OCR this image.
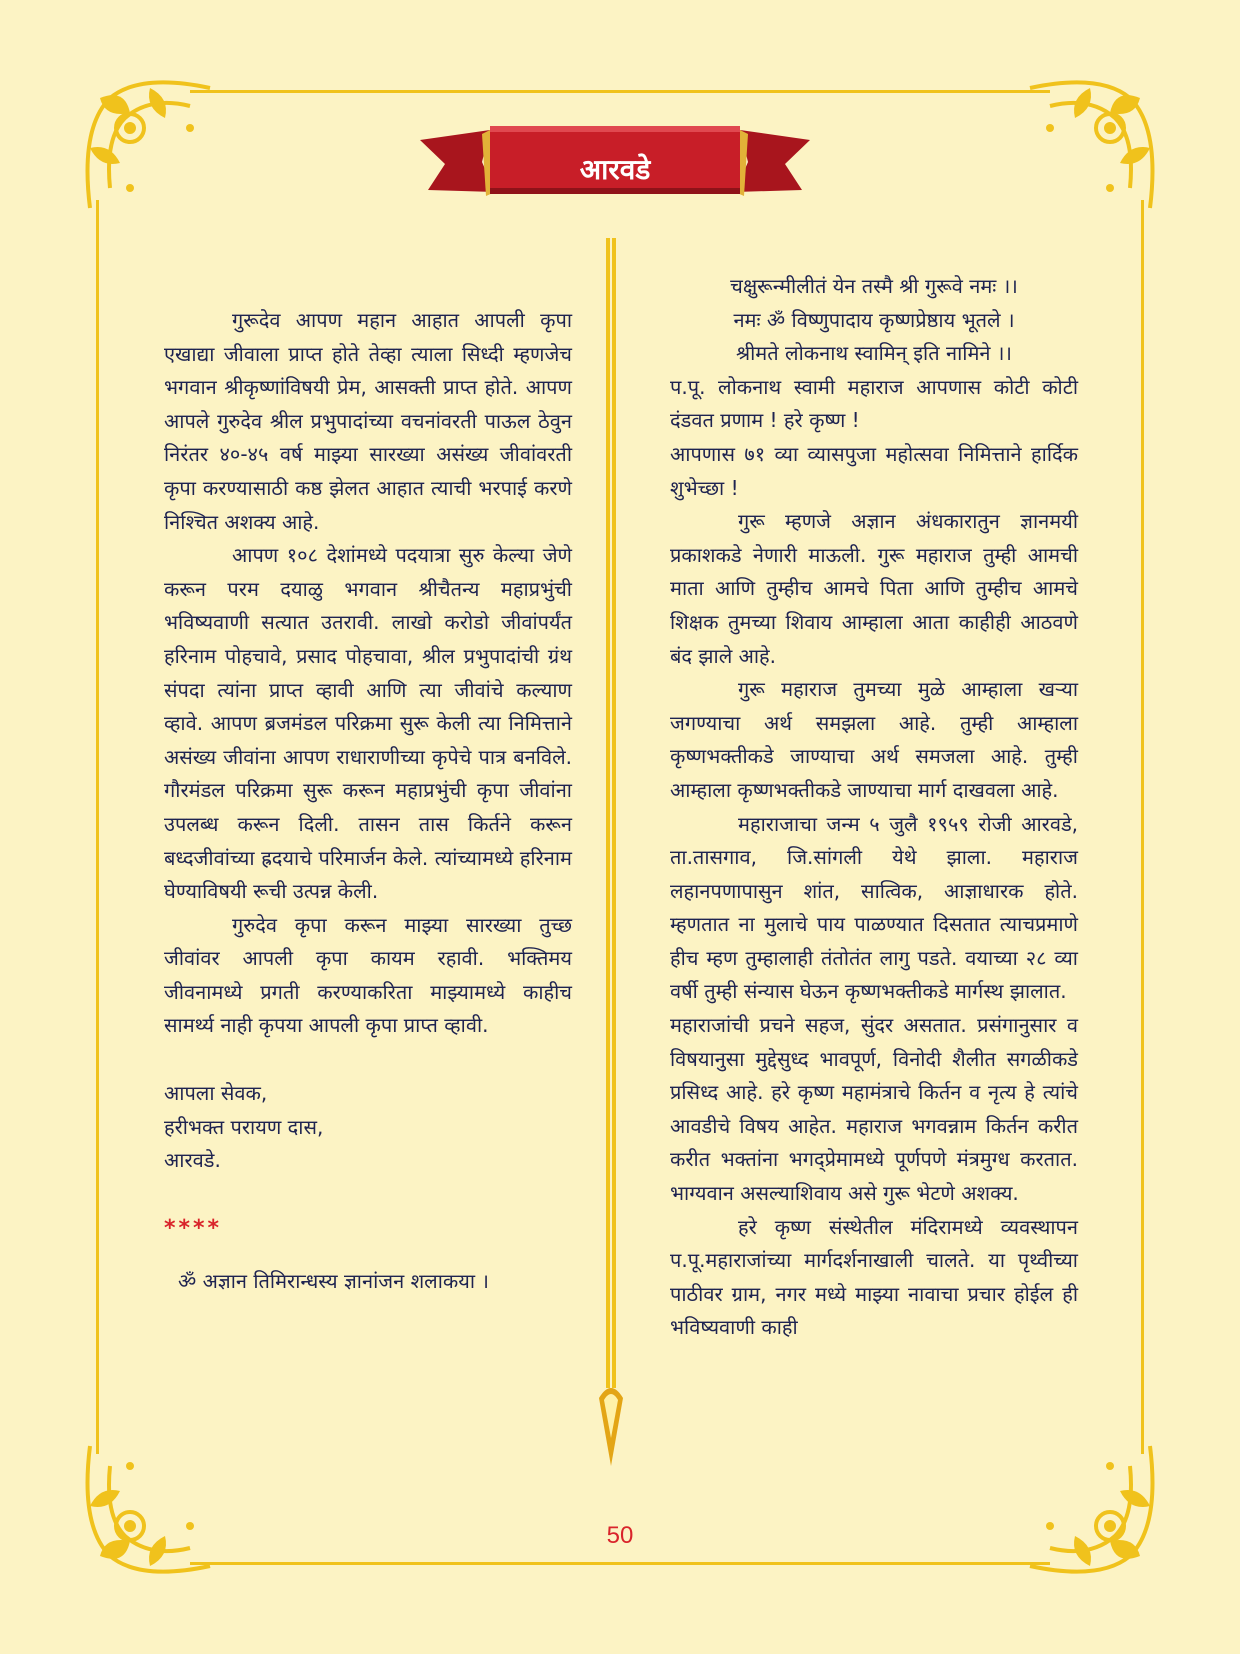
आरवडे

गुरूदेव आपण महान आहात आपली कृपा एखाद्या जीवाला प्राप्त होते तेव्हा त्याला सिध्दी म्हणजेच भगवान श्रीकृष्णांविषयी प्रेम, आसक्ती प्राप्त होते. आपण आपले गुरुदेव श्रील प्रभुपादांच्या वचनांवरती पाऊल ठेवुन निरंतर ४०-४५ वर्ष माझ्या सारख्या असंख्य जीवांवरती कृपा करण्यासाठी कष्ठ झेलत आहात त्याची भरपाई करणे निश्चित अशक्य आहे.

आपण १०८ देशांमध्ये पदयात्रा सुरु केल्या जेणे करून परम दयाळु भगवान श्रीचैतन्य महाप्रभुंची भविष्यवाणी सत्यात उतरावी. लाखो करोडो जीवांपर्यंत हरिनाम पोहचावे, प्रसाद पोहचावा, श्रील प्रभुपादांची ग्रंथ संपदा त्यांना प्राप्त व्हावी आणि त्या जीवांचे कल्याण व्हावे. आपण ब्रजमंडल परिक्रमा सुरू केली त्या निमित्ताने असंख्य जीवांना आपण राधाराणीच्या कृपेचे पात्र बनविले. गौरमंडल परिक्रमा सुरू करून महाप्रभुंची कृपा जीवांना उपलब्ध करून दिली. तासन तास किर्तने करून बध्दजीवांच्या ह्रदयाचे परिमार्जन केले. त्यांच्यामध्ये हरिनाम घेण्याविषयी रूची उत्पन्न केली.

गुरुदेव कृपा करून माझ्या सारख्या तुच्छ जीवांवर आपली कृपा कायम रहावी. भक्तिमय जीवनामध्ये प्रगती करण्याकरिता माझ्यामध्ये काहीच सामर्थ्य नाही कृपया आपली कृपा प्राप्त व्हावी.

आपला सेवक,

हरीभक्त परायण दास,

आरवडे.

****

ॐ अज्ञान तिमिरान्धस्य ज्ञानांजन शलाकया ।

चक्षुरून्मीलीतं येन तस्मै श्री गुरूवे नमः ।।

नमः ॐ विष्णुपादाय कृष्णप्रेष्ठाय भूतले ।

श्रीमते लोकनाथ स्वामिन् इति नामिने ।।

प.पू. लोकनाथ स्वामी महाराज आपणास कोटी कोटी दंडवत प्रणाम ! हरे कृष्ण !

आपणास ७१ व्या व्यासपुजा महोत्सवा निमित्ताने हार्दिक शुभेच्छा !

गुरू म्हणजे अज्ञान अंधकारातुन ज्ञानमयी प्रकाशकडे नेणारी माऊली. गुरू महाराज तुम्ही आमची माता आणि तुम्हीच आमचे पिता आणि तुम्हीच आमचे शिक्षक तुमच्या शिवाय आम्हाला आता काहीही आठवणे बंद झाले आहे.

गुरू महाराज तुमच्या मुळे आम्हाला खऱ्या जगण्याचा अर्थ समझला आहे. तुम्ही आम्हाला कृष्णभक्तीकडे जाण्याचा अर्थ समजला आहे. तुम्ही आम्हाला कृष्णभक्तीकडे जाण्याचा मार्ग दाखवला आहे.

महाराजाचा जन्म ५ जुलै १९५९ रोजी आरवडे, ता.तासगाव, जि.सांगली येथे झाला. महाराज लहानपणापासुन शांत, सात्विक, आज्ञाधारक होते. म्हणतात ना मुलाचे पाय पाळण्यात दिसतात त्याचप्रमाणे हीच म्हण तुम्हालाही तंतोतंत लागु पडते. वयाच्या २८ व्या वर्षी तुम्ही संन्यास घेऊन कृष्णभक्तीकडे मार्गस्थ झालात.

महाराजांची प्रचने सहज, सुंदर असतात. प्रसंगानुसार व विषयानुसा मुद्देसुध्द भावपूर्ण, विनोदी शैलीत सगळीकडे प्रसिध्द आहे. हरे कृष्ण महामंत्राचे किर्तन व नृत्य हे त्यांचे आवडीचे विषय आहेत. महाराज भगवन्नाम किर्तन करीत करीत भक्तांना भगद्प्रेमामध्ये पूर्णपणे मंत्रमुग्ध करतात. भाग्यवान असल्याशिवाय असे गुरू भेटणे अशक्य.

हरे कृष्ण संस्थेतील मंदिरामध्ये व्यवस्थापन प.पू.महाराजांच्या मार्गदर्शनाखाली चालते. या पृथ्वीच्या पाठीवर ग्राम, नगर मध्ये माझ्या नावाचा प्रचार होईल ही भविष्यवाणी काही

50
